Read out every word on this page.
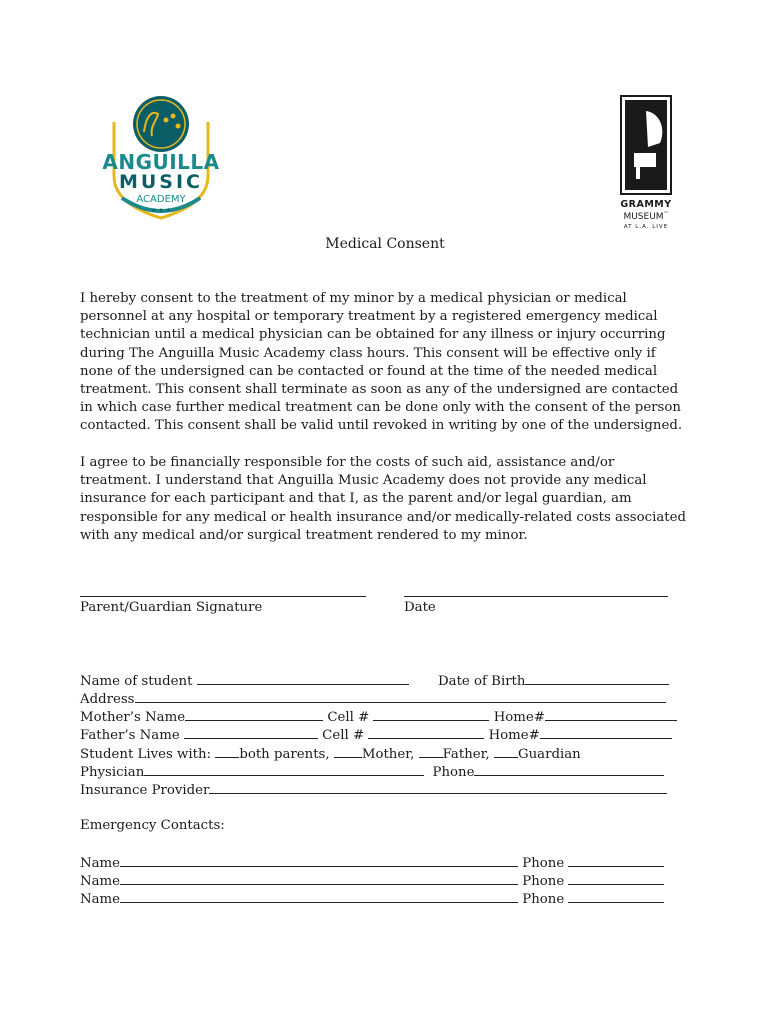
ANGUILLA
MUSIC
ACADEMY
★ ★ ★
GRAMMY
MUSEUM™
AT L.A. LIVE
Medical Consent

I hereby consent to the treatment of my minor by a medical physician or medical personnel at any hospital or temporary treatment by a registered emergency medical technician until a medical physician can be obtained for any illness or injury occurring during The Anguilla Music Academy class hours. This consent will be effective only if none of the undersigned can be contacted or found at the time of the needed medical treatment. This consent shall terminate as soon as any of the undersigned are contacted in which case further medical treatment can be done only with the consent of the person contacted. This consent shall be valid until revoked in writing by one of the undersigned.

I agree to be financially responsible for the costs of such aid, assistance and/or treatment. I understand that Anguilla Music Academy does not provide any medical insurance for each participant and that I, as the parent and/or legal guardian, am responsible for any medical or health insurance and/or medically-related costs associated with any medical and/or surgical treatment rendered to my minor.

Parent/Guardian Signature	Date
Name of student	Date of Birth
Address
Mother’s Name	Cell #	Home#
Father’s Name	Cell #	Home#
Student Lives with: both parents, Mother, Father, Guardian
Physician	Phone
Insurance Provider
Emergency Contacts:
Name	Phone
Name	Phone
Name	Phone
